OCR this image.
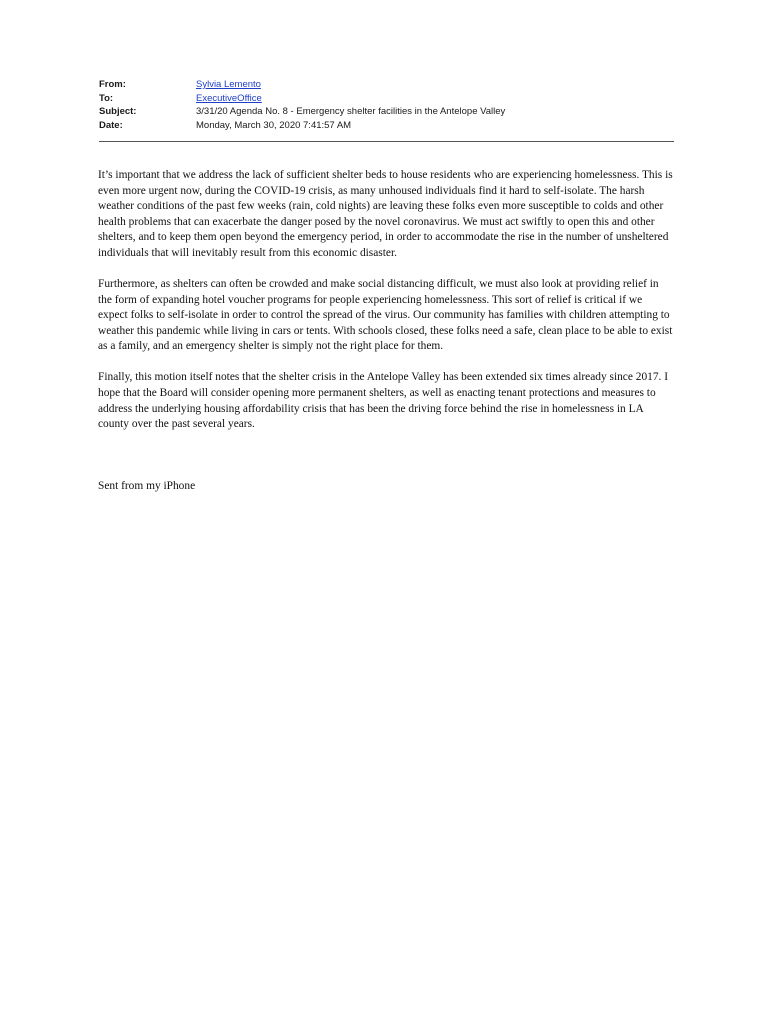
From:	Sylvia Lemento
To:	ExecutiveOffice
Subject:	3/31/20 Agenda No. 8 - Emergency shelter facilities in the Antelope Valley
Date:	Monday, March 30, 2020 7:41:57 AM

It’s important that we address the lack of sufficient shelter beds to house residents who are experiencing homelessness. This is even more urgent now, during the COVID-19 crisis, as many unhoused individuals find it hard to self-isolate. The harsh weather conditions of the past few weeks (rain, cold nights) are leaving these folks even more susceptible to colds and other health problems that can exacerbate the danger posed by the novel coronavirus. We must act swiftly to open this and other shelters, and to keep them open beyond the emergency period, in order to accommodate the rise in the number of unsheltered individuals that will inevitably result from this economic disaster.

Furthermore, as shelters can often be crowded and make social distancing difficult, we must also look at providing relief in the form of expanding hotel voucher programs for people experiencing homelessness. This sort of relief is critical if we expect folks to self-isolate in order to control the spread of the virus. Our community has families with children attempting to weather this pandemic while living in cars or tents. With schools closed, these folks need a safe, clean place to be able to exist as a family, and an emergency shelter is simply not the right place for them.

Finally, this motion itself notes that the shelter crisis in the Antelope Valley has been extended six times already since 2017. I hope that the Board will consider opening more permanent shelters, as well as enacting tenant protections and measures to address the underlying housing affordability crisis that has been the driving force behind the rise in homelessness in LA county over the past several years.

Sent from my iPhone
